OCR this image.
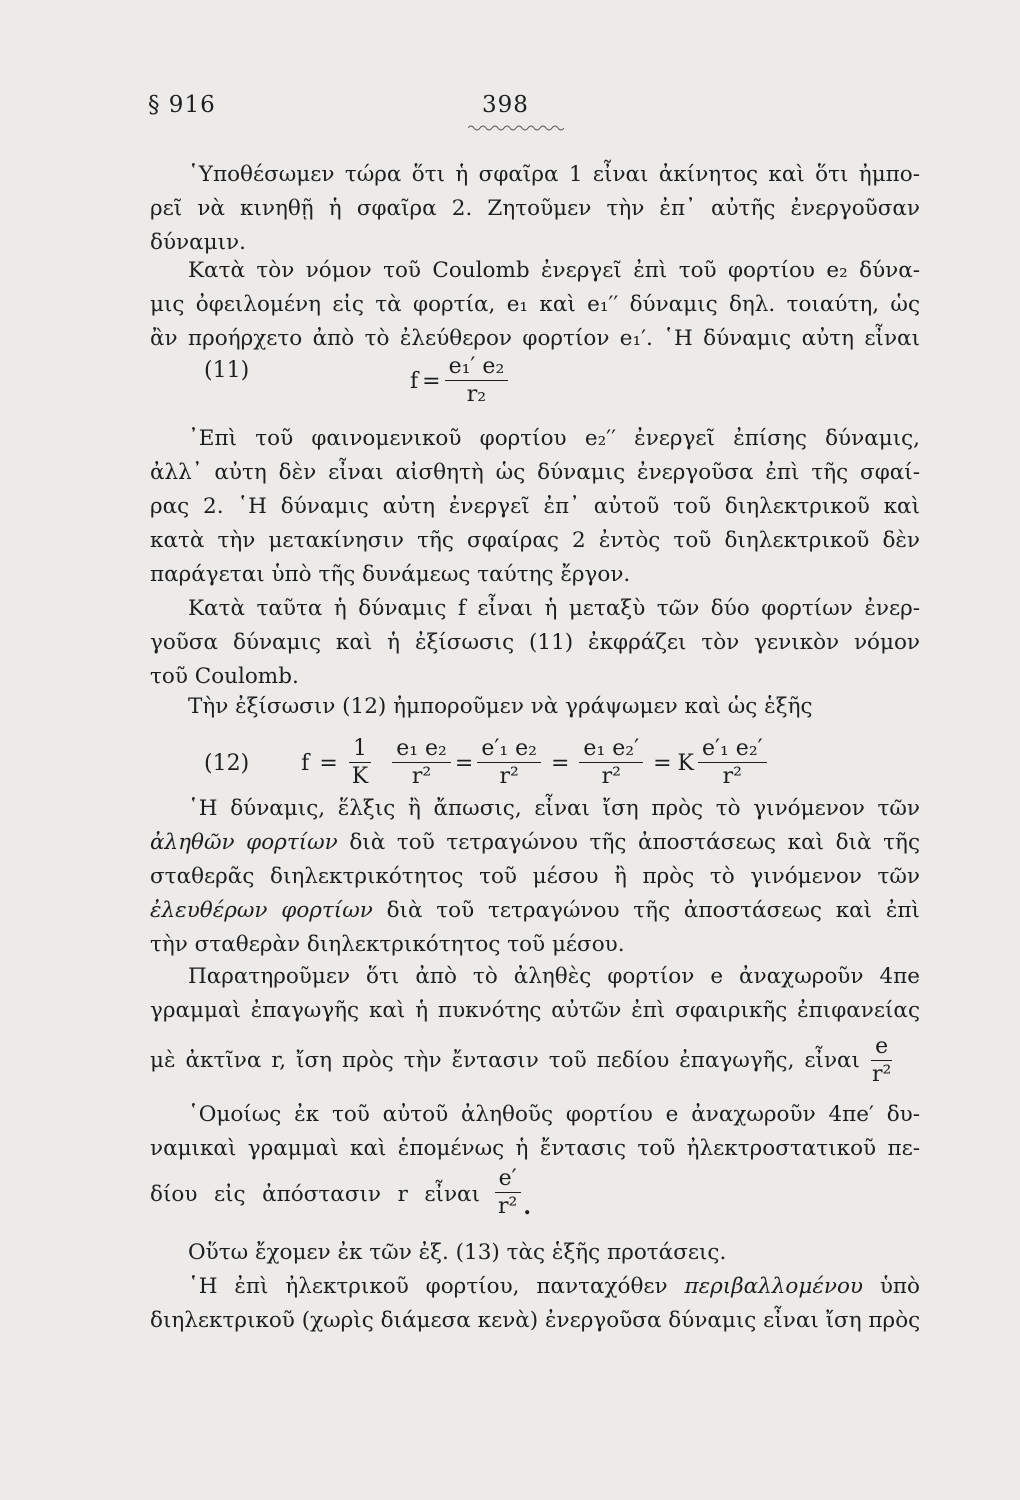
§ 916	398
῾Υποθέσωμεν τώρα ὅτι ἡ σφαῖρα 1 εἶναι ἀκίνητος καὶ ὅτι ἠμπο-
ρεῖ νὰ κινηθῇ ἡ σφαῖρα 2. Ζητοῦμεν τὴν ἐπ᾽ αὐτῆς ἐνεργοῦσαν
δύναμιν.
Κατὰ τὸν νόμον τοῦ Coulomb ἐνεργεῖ ἐπὶ τοῦ φορτίου e₂ δύνα-
μις ὀφειλομένη εἰς τὰ φορτία, e₁ καὶ e₁′′ δύναμις δηλ. τοιαύτη, ὡς
ἂν προήρχετο ἀπὸ τὸ ἐλεύθερον φορτίον e₁′. ῾Η δύναμις αὐτη εἶναι
(11)	$f = \frac{\text{e₁′ e₂}}{\text{r₂}}$
᾽Επὶ τοῦ φαινομενικοῦ φορτίου e₂′′ ἐνεργεῖ ἐπίσης δύναμις,
ἀλλ᾽ αὐτη δὲν εἶναι αἰσθητὴ ὡς δύναμις ἐνεργοῦσα ἐπὶ τῆς σφαί-
ρας 2. ῾Η δύναμις αὐτη ἐνεργεῖ ἐπ᾽ αὐτοῦ τοῦ διηλεκτρικοῦ καὶ
κατὰ τὴν μετακίνησιν τῆς σφαίρας 2 ἐντὸς τοῦ διηλεκτρικοῦ δὲν
παράγεται ὑπὸ τῆς δυνάμεως ταύτης ἔργον.
Κατὰ ταῦτα ἡ δύναμις f εἶναι ἡ μεταξὺ τῶν δύο φορτίων ἐνερ-
γοῦσα δύναμις καὶ ἡ ἐξίσωσις (11) ἐκφράζει τὸν γενικὸν νόμον
τοῦ Coulomb.
Τὴν ἐξίσωσιν (12) ἠμποροῦμεν νὰ γράψωμεν καὶ ὡς ἑξῆς
(12) $f = \frac{1}{K} \frac{\text{e₁ e₂}}{\text{r²}} = \frac{\text{e′₁ e₂}}{\text{r²}} = \frac{\text{e₁ e₂′}}{\text{r²}} = K \frac{\text{e′₁ e₂′}}{\text{r²}}$
῾Η δύναμις, ἕλξις ἢ ἄπωσις, εἶναι ἴση πρὸς τὸ γινόμενον τῶν
ἀληθῶν φορτίων διὰ τοῦ τετραγώνου τῆς ἀποστάσεως καὶ διὰ τῆς
σταθερᾶς διηλεκτρικότητος τοῦ μέσου ἢ πρὸς τὸ γινόμενον τῶν
ἐλευθέρων φορτίων διὰ τοῦ τετραγώνου τῆς ἀποστάσεως καὶ ἐπὶ
τὴν σταθερὰν διηλεκτρικότητος τοῦ μέσου.
Παρατηροῦμεν ὅτι ἀπὸ τὸ ἀληθὲς φορτίον e ἀναχωροῦν 4πe
γραμμαὶ ἐπαγωγῆς καὶ ἡ πυκνότης αὐτῶν ἐπὶ σφαιρικῆς ἐπιφανείας
μὲ ἀκτῖνα r, ἴση πρὸς τὴν ἔντασιν τοῦ πεδίου ἐπαγωγῆς, εἶναι $\frac{e}{\text{r²}}$
῾Ομοίως ἐκ τοῦ αὐτοῦ ἀληθοῦς φορτίου e ἀναχωροῦν 4πe′ δυ-
ναμικαὶ γραμμαὶ καὶ ἑπομένως ἡ ἔντασις τοῦ ἠλεκτροστατικοῦ πε-
δίου εἰς ἀπόστασιν r εἶναι $\frac{e'}{\text{r²}}$ .
Οὕτω ἔχομεν ἐκ τῶν ἐξ. (13) τὰς ἑξῆς προτάσεις.
῾Η ἐπὶ ἠλεκτρικοῦ φορτίου, πανταχόθεν περιβαλλομένου ὑπὸ
διηλεκτρικοῦ (χωρὶς διάμεσα κενὰ) ἐνεργοῦσα δύναμις εἶναι ἴση πρὸς
